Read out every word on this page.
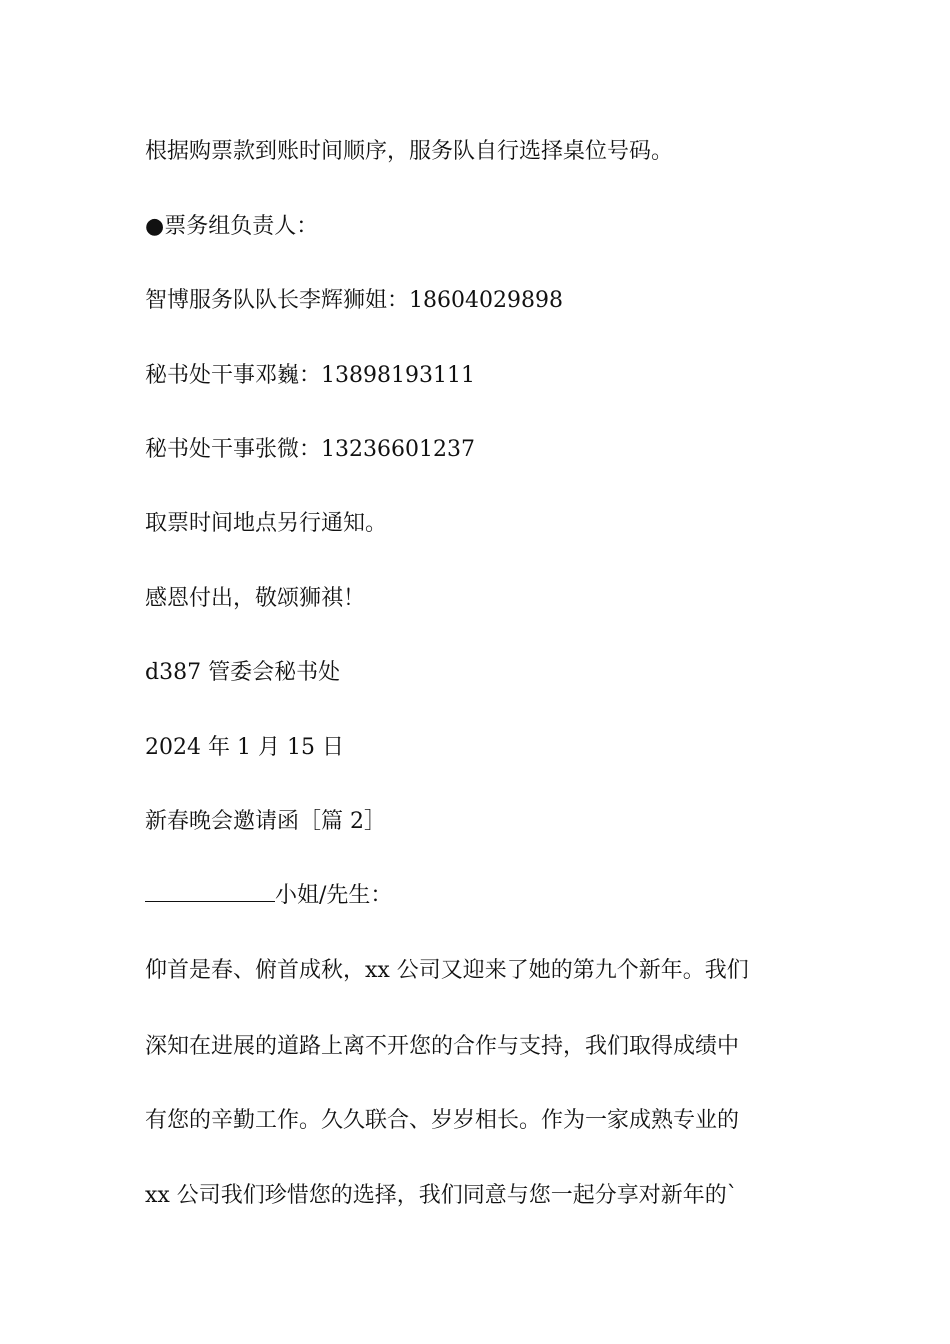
根据购票款到账时间顺序，服务队自行选择桌位号码。
●票务组负责人：
智博服务队队长李辉狮姐：18604029898
秘书处干事邓巍：13898193111
秘书处干事张微：13236601237
取票时间地点另行通知。
感恩付出，敬颂狮祺！
d387 管委会秘书处
2024 年 1 月 15 日
新春晚会邀请函［篇 2］
小姐/先生：
仰首是春、俯首成秋，xx 公司又迎来了她的第九个新年。我们
深知在进展的道路上离不开您的合作与支持，我们取得成绩中
有您的辛勤工作。久久联合、岁岁相长。作为一家成熟专业的
xx 公司我们珍惜您的选择，我们同意与您一起分享对新年的`
